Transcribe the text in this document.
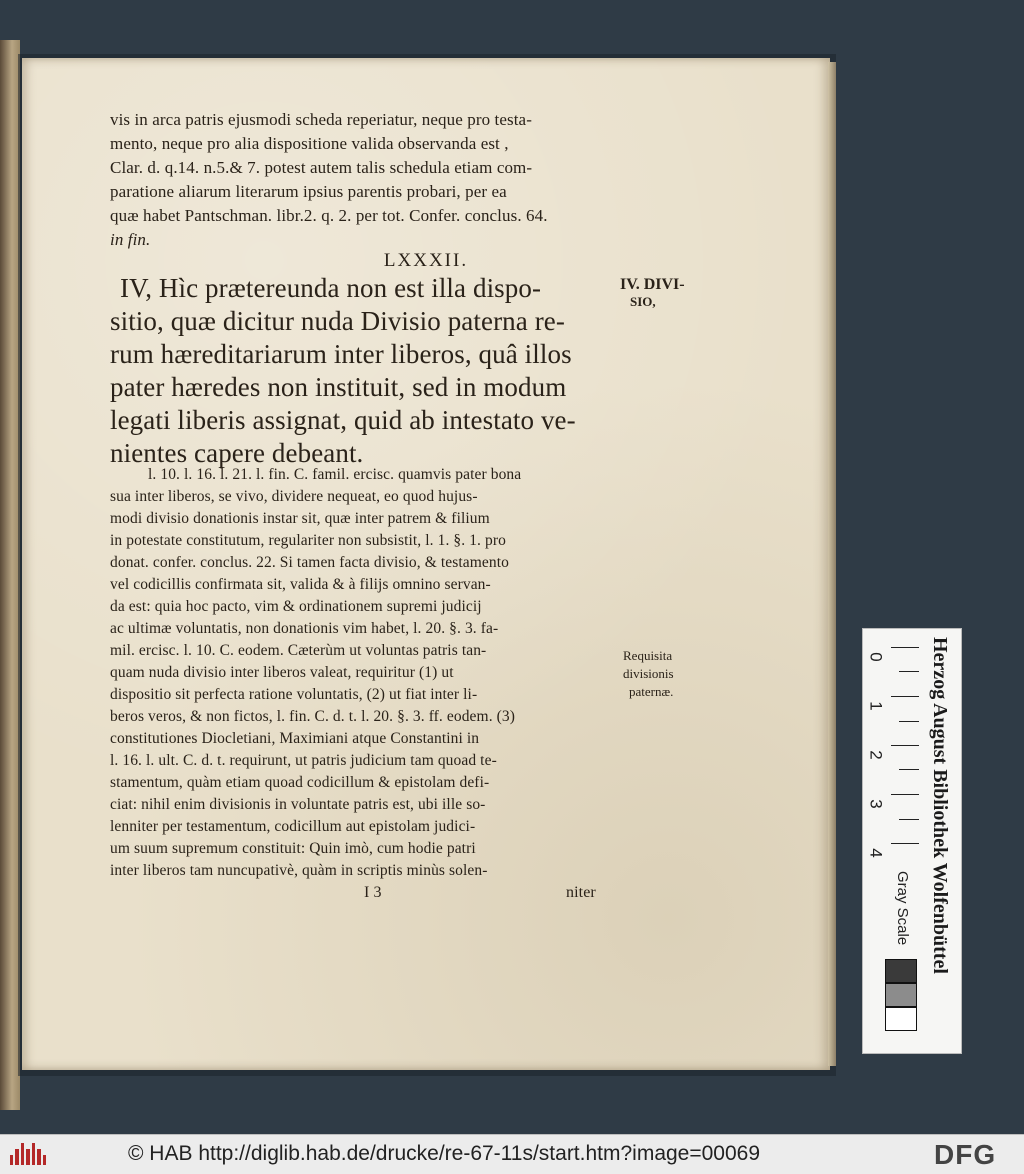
vis in arca patris ejusmodi scheda reperiatur, neque pro testa-
mento, neque pro alia dispositione valida observanda est ,
Clar. d. q.14. n.5.& 7. potest autem talis schedula etiam com-
paratione aliarum literarum ipsius parentis probari, per ea
quæ habet Pantschman. libr.2. q. 2. per tot. Confer. conclus. 64.
in fin.
LXXXII.
IV, Hìc prætereunda non est illa dispo-
sitio, quæ dicitur nuda Divisio paterna re-
rum hæreditariarum inter liberos, quâ illos
pater hæredes non instituit, sed in modum
legati liberis assignat, quid ab intestato ve-
nientes capere debeant.
l. 10. l. 16. l. 21. l. fin. C. famil. ercisc. quamvis pater bona
sua inter liberos, se vivo, dividere nequeat, eo quod hujus-
modi divisio donationis instar sit, quæ inter patrem & filium
in potestate constitutum, regulariter non subsistit, l. 1. §. 1. pro
donat. confer. conclus. 22. Si tamen facta divisio, & testamento
vel codicillis confirmata sit, valida & à filijs omnino servan-
da est: quia hoc pacto, vim & ordinationem supremi judicij
ac ultimæ voluntatis, non donationis vim habet, l. 20. §. 3. fa-
mil. ercisc. l. 10. C. eodem. Cæterùm ut voluntas patris tan-
quam nuda divisio inter liberos valeat, requiritur (1) ut
dispositio sit perfecta ratione voluntatis, (2) ut fiat inter li-
beros veros, & non fictos, l. fin. C. d. t. l. 20. §. 3. ff. eodem. (3)
constitutiones Diocletiani, Maximiani atque Constantini in
l. 16. l. ult. C. d. t. requirunt, ut patris judicium tam quoad te-
stamentum, quàm etiam quoad codicillum & epistolam defi-
ciat: nihil enim divisionis in voluntate patris est, ubi ille so-
lenniter per testamentum, codicillum aut epistolam judici-
um suum supremum constituit: Quin imò, cum hodie patri
inter liberos tam nuncupativè, quàm in scriptis minùs solen-
I 3	niter
IV. DIVI-
SIO,
Requisita
divisionis
paternæ.	Herzog August Bibliothek Wolfenbüttel
0
1
2
3
4
Gray Scale
© HAB http://diglib.hab.de/drucke/re-67-11s/start.htm?image=00069	DFG
